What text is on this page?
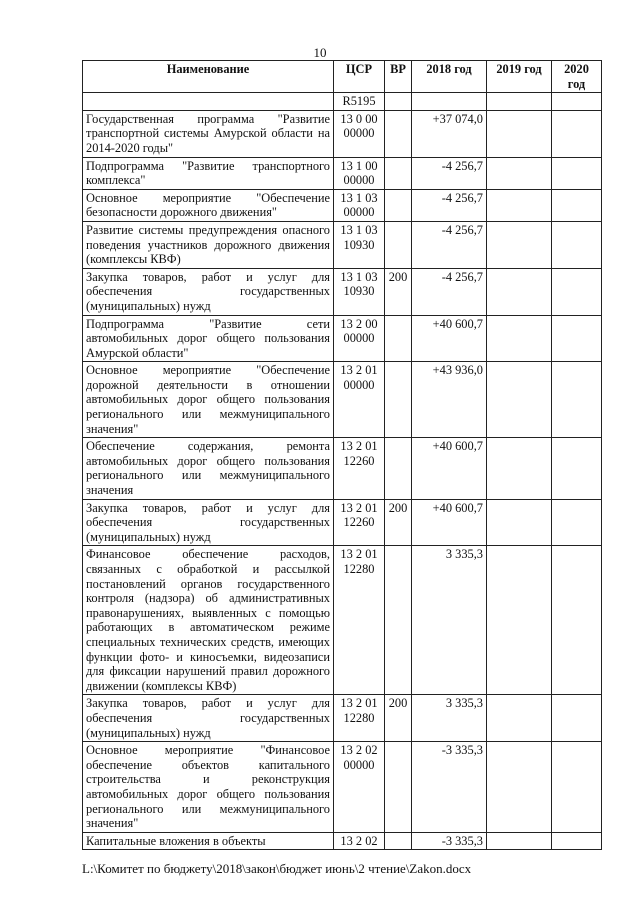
10
Наименование	ЦСР	ВР	2018 год	2019 год	2020 год
	R5195				
Государственная программа "Развитие транспортной системы Амурской области на 2014-2020 годы"	13 0 00 00000		+37 074,0		
Подпрограмма "Развитие транспортного комплекса"	13 1 00 00000		-4 256,7		
Основное мероприятие "Обеспечение безопасности дорожного движения"	13 1 03 00000		-4 256,7		
Развитие системы предупреждения опасного поведения участников дорожного движения (комплексы КВФ)	13 1 03 10930		-4 256,7		
Закупка товаров, работ и услуг для обеспечения государственных (муниципальных) нужд	13 1 03 10930	200	-4 256,7		
Подпрограмма "Развитие сети автомобильных дорог общего пользования Амурской области"	13 2 00 00000		+40 600,7		
Основное мероприятие "Обеспечение дорожной деятельности в отношении автомобильных дорог общего пользования регионального или межмуниципального значения"	13 2 01 00000		+43 936,0		
Обеспечение содержания, ремонта автомобильных дорог общего пользования регионального или межмуниципального значения	13 2 01 12260		+40 600,7		
Закупка товаров, работ и услуг для обеспечения государственных (муниципальных) нужд	13 2 01 12260	200	+40 600,7		
Финансовое обеспечение расходов, связанных с обработкой и рассылкой постановлений органов государственного контроля (надзора) об административных правонарушениях, выявленных с помощью работающих в автоматическом режиме специальных технических средств, имеющих функции фото- и киносъемки, видеозаписи для фиксации нарушений правил дорожного движении (комплексы КВФ)	13 2 01 12280		3 335,3		
Закупка товаров, работ и услуг для обеспечения государственных (муниципальных) нужд	13 2 01 12280	200	3 335,3		
Основное мероприятие "Финансовое обеспечение объектов капитального строительства и реконструкция автомобильных дорог общего пользования регионального или межмуниципального значения"	13 2 02 00000		-3 335,3		
Капитальные вложения в объекты	13 2 02		-3 335,3		
L:\Комитет по бюджету\2018\закон\бюджет июнь\2 чтение\Zakon.docx
